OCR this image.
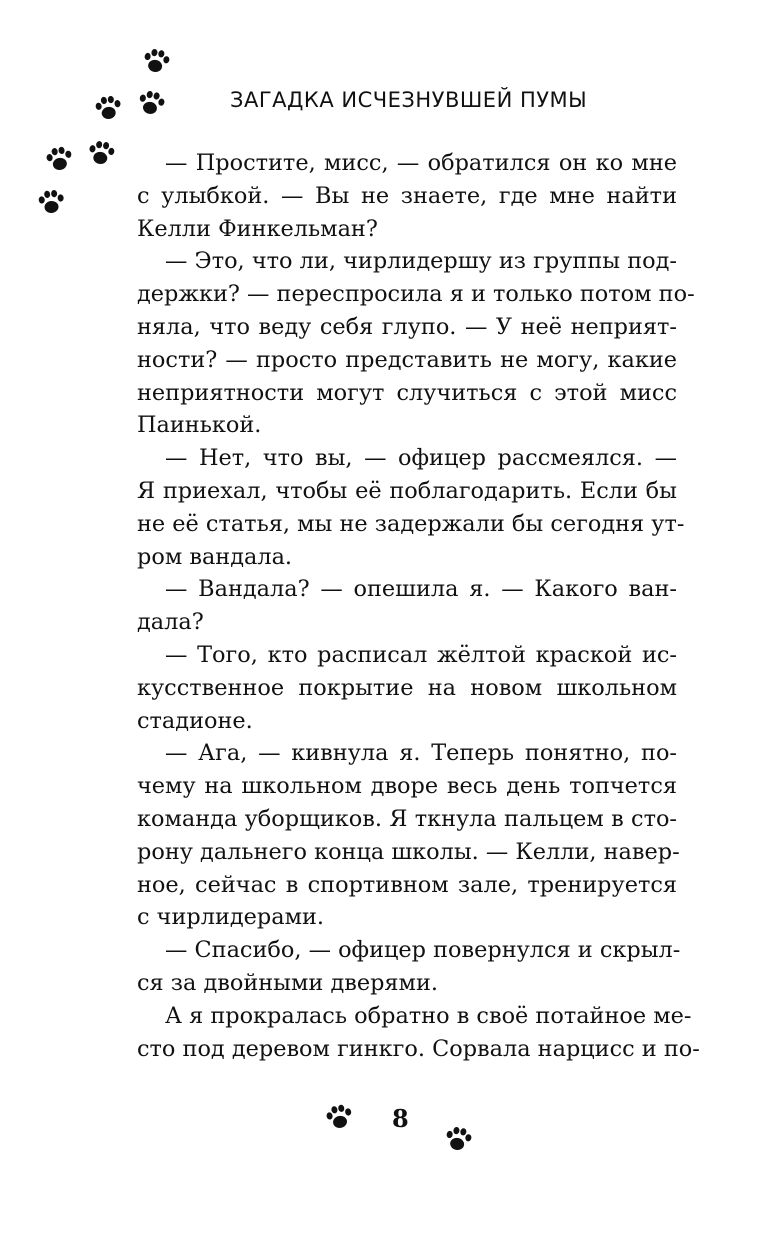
ЗАГАДКА ИСЧЕЗНУВШЕЙ ПУМЫ
— Простите, мисс, — обратился он ко мне
с улыбкой. — Вы не знаете, где мне найти
Келли Финкельман?
— Это, что ли, чирлидершу из группы под-
держки? — переспросила я и только потом по-
няла, что веду себя глупо. — У неё неприят-
ности? — просто представить не могу, какие
неприятности могут случиться с этой мисс
Паинькой.
— Нет, что вы, — офицер рассмеялся. —
Я приехал, чтобы её поблагодарить. Если бы
не её статья, мы не задержали бы сегодня ут-
ром вандала.
— Вандала? — опешила я. — Какого ван-
дала?
— Того, кто расписал жёлтой краской ис-
кусственное покрытие на новом школьном
стадионе.
— Ага, — кивнула я. Теперь понятно, по-
чему на школьном дворе весь день топчется
команда уборщиков. Я ткнула пальцем в сто-
рону дальнего конца школы. — Келли, навер-
ное, сейчас в спортивном зале, тренируется
с чирлидерами.
— Спасибо, — офицер повернулся и скрыл-
ся за двойными дверями.
А я прокралась обратно в своё потайное ме-
сто под деревом гинкго. Сорвала нарцисс и по-
8
